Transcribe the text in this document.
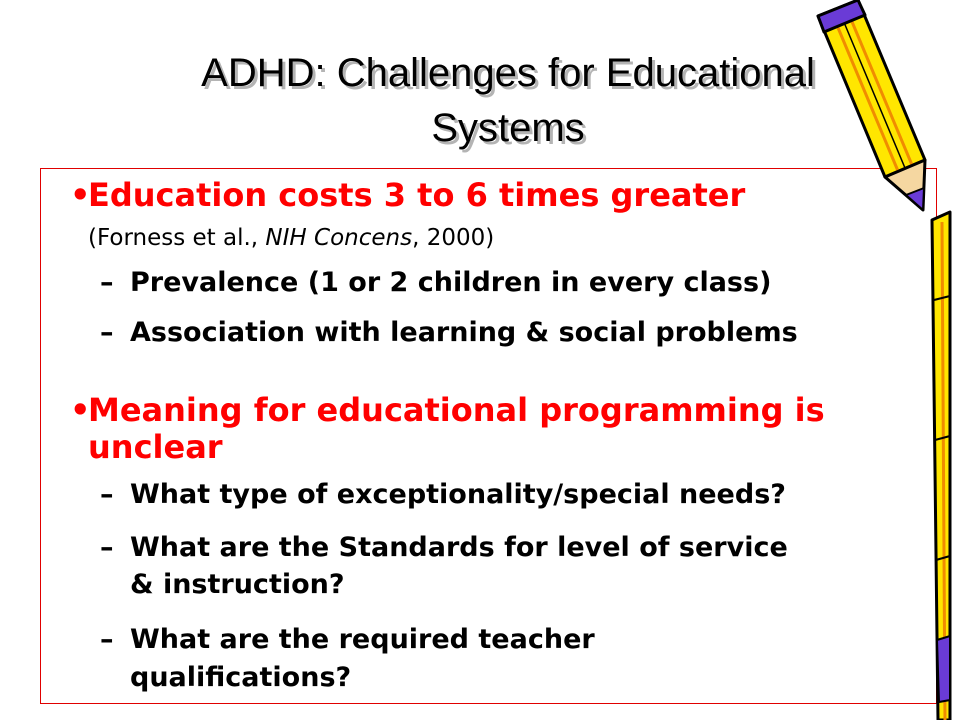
ADHD: Challenges for Educational
Systems
•
Education costs 3 to 6 times greater
(Forness et al., NIH Concens, 2000)
– Prevalence (1 or 2 children in every class)
– Association with learning & social problems
•
Meaning for educational programming is
unclear
– What type of exceptionality/special needs?
– What are the Standards for level of service
& instruction?
– What are the required teacher
qualifications?
